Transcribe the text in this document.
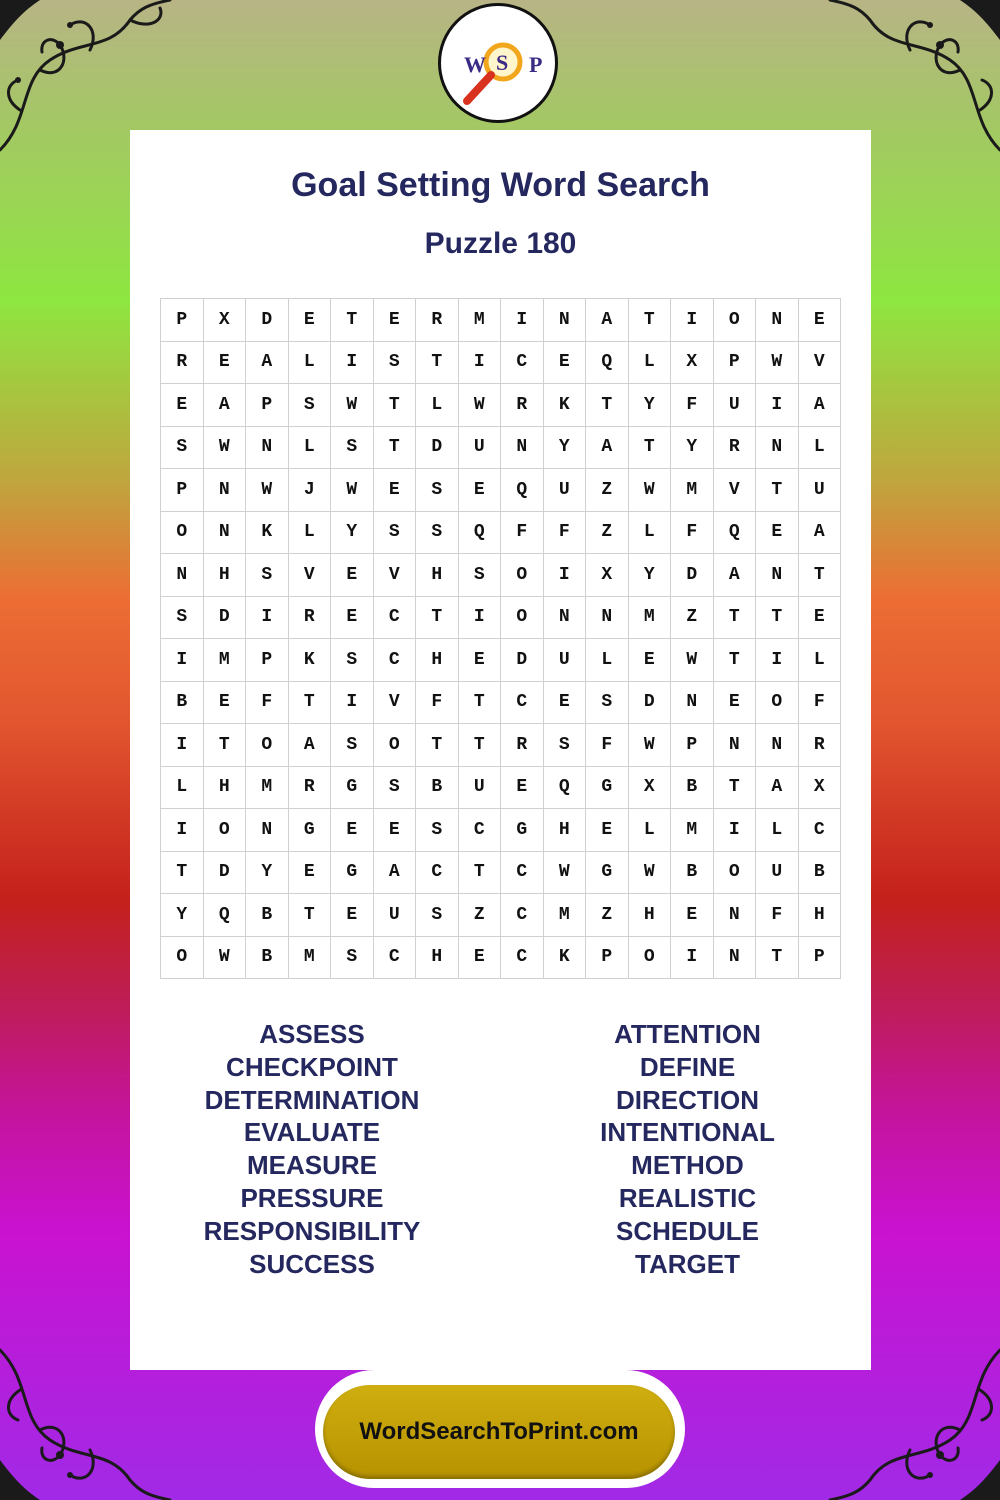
W S P
Goal Setting Word Search
Puzzle 180
P	X	D	E	T	E	R	M	I	N	A	T	I	O	N	E
R	E	A	L	I	S	T	I	C	E	Q	L	X	P	W	V
E	A	P	S	W	T	L	W	R	K	T	Y	F	U	I	A
S	W	N	L	S	T	D	U	N	Y	A	T	Y	R	N	L
P	N	W	J	W	E	S	E	Q	U	Z	W	M	V	T	U
O	N	K	L	Y	S	S	Q	F	F	Z	L	F	Q	E	A
N	H	S	V	E	V	H	S	O	I	X	Y	D	A	N	T
S	D	I	R	E	C	T	I	O	N	N	M	Z	T	T	E
I	M	P	K	S	C	H	E	D	U	L	E	W	T	I	L
B	E	F	T	I	V	F	T	C	E	S	D	N	E	O	F
I	T	O	A	S	O	T	T	R	S	F	W	P	N	N	R
L	H	M	R	G	S	B	U	E	Q	G	X	B	T	A	X
I	O	N	G	E	E	S	C	G	H	E	L	M	I	L	C
T	D	Y	E	G	A	C	T	C	W	G	W	B	O	U	B
Y	Q	B	T	E	U	S	Z	C	M	Z	H	E	N	F	H
O	W	B	M	S	C	H	E	C	K	P	O	I	N	T	P
ASSESS
CHECKPOINT
DETERMINATION
EVALUATE
MEASURE
PRESSURE
RESPONSIBILITY
SUCCESS
ATTENTION
DEFINE
DIRECTION
INTENTIONAL
METHOD
REALISTIC
SCHEDULE
TARGET
WordSearchToPrint.com
